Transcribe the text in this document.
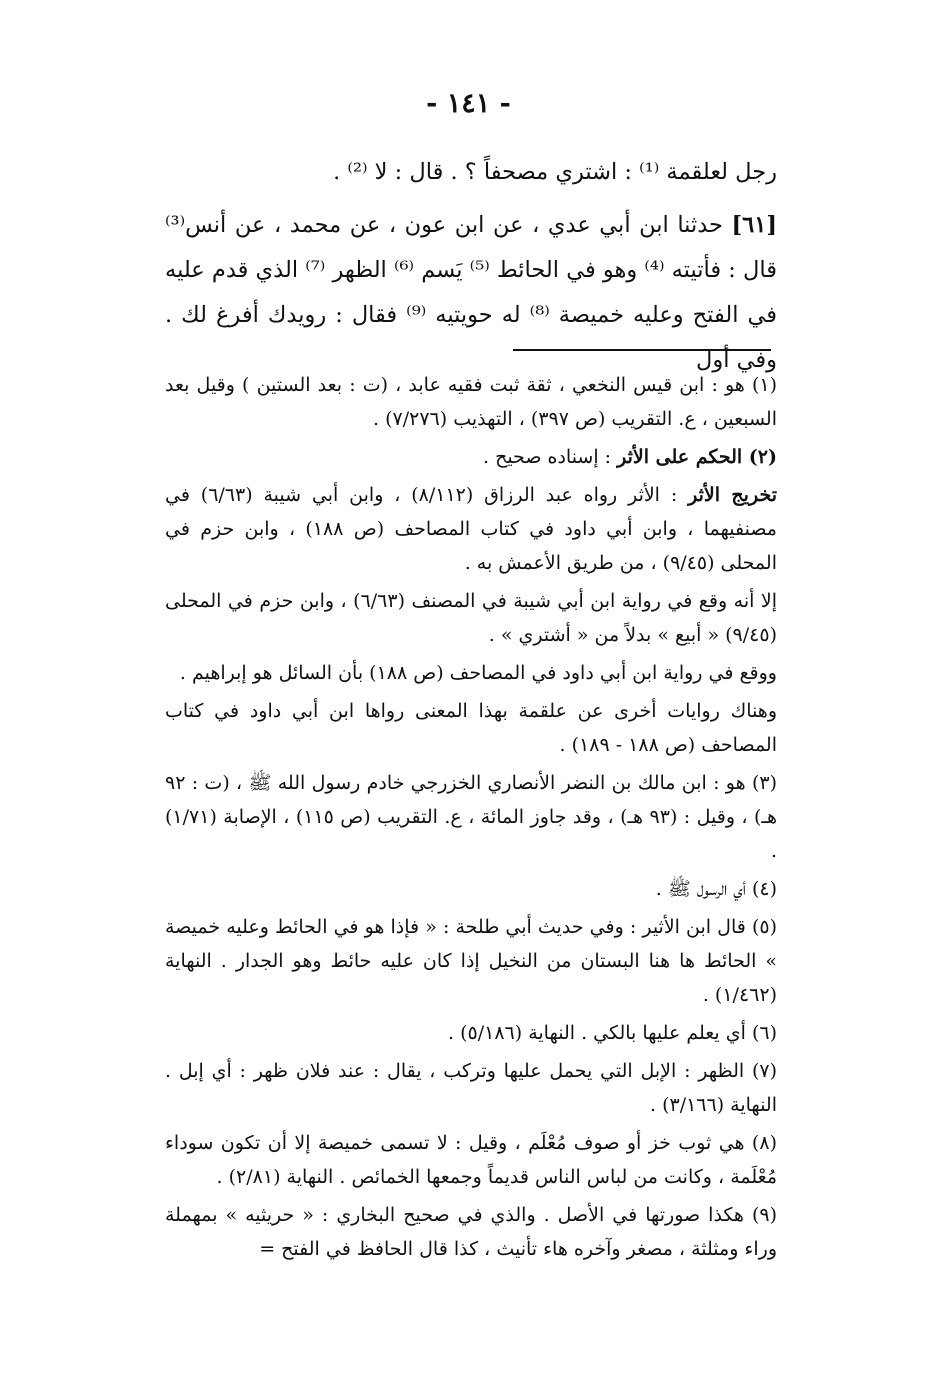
- ١٤١ -

رجل لعلقمة ⁽¹⁾ : اشتري مصحفاً ؟ . قال : لا ⁽²⁾ .

[٦١] حدثنا ابن أبي عدي ، عن ابن عون ، عن محمد ، عن أنس⁽³⁾ قال : فأتيته ⁽⁴⁾ وهو في الحائط ⁽⁵⁾ يَسم ⁽⁶⁾ الظهر ⁽⁷⁾ الذي قدم عليه في الفتح وعليه خميصة ⁽⁸⁾ له حويتيه ⁽⁹⁾ فقال : رويدك أفرغ لك . وفي أول

(١) هو : ابن قيس النخعي ، ثقة ثبت فقيه عابد ، (ت : بعد الستين ) وقيل بعد السبعين ، ع. التقريب (ص ٣٩٧) ، التهذيب (٧/٢٧٦) .

(٢) الحكم على الأثر : إسناده صحيح .

تخريج الأثر : الأثر رواه عبد الرزاق (٨/١١٢) ، وابن أبي شيبة (٦/٦٣) في مصنفيهما ، وابن أبي داود في كتاب المصاحف (ص ١٨٨) ، وابن حزم في المحلى (٩/٤٥) ، من طريق الأعمش به .

إلا أنه وقع في رواية ابن أبي شيبة في المصنف (٦/٦٣) ، وابن حزم في المحلى (٩/٤٥) « أبيع » بدلاً من « أشتري » .

ووقع في رواية ابن أبي داود في المصاحف (ص ١٨٨) بأن السائل هو إبراهيم .

وهناك روايات أخرى عن علقمة بهذا المعنى رواها ابن أبي داود في كتاب المصاحف (ص ١٨٨ - ١٨٩) .

(٣) هو : ابن مالك بن النضر الأنصاري الخزرجي خادم رسول الله ﷺ ، (ت : ٩٢ هـ) ، وقيل : (٩٣ هـ) ، وقد جاوز المائة ، ع. التقريب (ص ١١٥) ، الإصابة (١/٧١) .

(٤) أي الرسول ﷺ .

(٥) قال ابن الأثير : وفي حديث أبي طلحة : « فإذا هو في الحائط وعليه خميصة » الحائط ها هنا البستان من النخيل إذا كان عليه حائط وهو الجدار . النهاية (١/٤٦٢) .

(٦) أي يعلم عليها بالكي . النهاية (٥/١٨٦) .

(٧) الظهر : الإبل التي يحمل عليها وتركب ، يقال : عند فلان ظهر : أي إبل . النهاية (٣/١٦٦) .

(٨) هي ثوب خز أو صوف مُعْلَم ، وقيل : لا تسمى خميصة إلا أن تكون سوداء مُعْلَمة ، وكانت من لباس الناس قديماً وجمعها الخمائص . النهاية (٢/٨١) .

(٩) هكذا صورتها في الأصل . والذي في صحيح البخاري : « حريثيه » بمهملة وراء ومثلثة ، مصغر وآخره هاء تأنيث ، كذا قال الحافظ في الفتح =
